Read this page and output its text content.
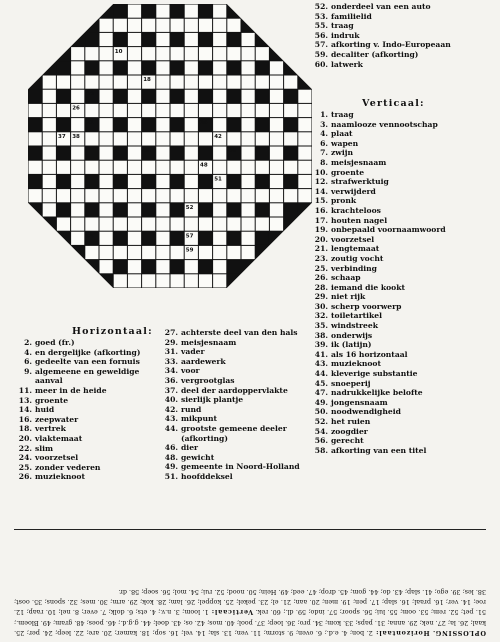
10
18
22
26
31	34
37 38	42
44	46
48
49	51
52
55	57
59
52. onderdeel van een auto
53. familielid
55. traag
56. indruk
57. afkorting v. Indo-Europeaan
59. decaliter (afkorting)
60. latwerk
Verticaal:
1. traag
3. naamlooze vennootschap
4. plaat
6. wapen
7. zwijn
8. meisjesnaam
10. groente
12. strafwerktuig
14. verwijderd
15. pronk
16. krachteloos
17. houten nagel
19. onbepaald voornaamwoord
20. voorzetsel
21. lengtemaat
23. zoutig vocht
25. verbinding
26. schaap
28. iemand die kookt
29. niet rijk
30. scherp voorwerp
32. toiletartikel
35. windstreek
38. onderwijs
39. ik (latijn)
41. als 16 horizontaal
43. muzieknoot
44. kleverige substantie
45. snoeperij
47. nadrukkelijke belofte
49. jongensnaam
50. noodwendigheid
52. het ruien
54. zoogdier
56. gerecht
58. afkorting van een titel
Horizontaal:
2. goed (fr.)
4. en dergelijke (afkorting)
6. gedeelte van een fornuis
9. algemeene en geweldige
aanval
11. meer in de heide
13. groente
14. huid
16. zeepwater
18. vertrek
20. vlaktemaat
22. slim
24. voorzetsel
25. zonder vederen
26. muzieknoot
27. achterste deel van den hals
29. meisjesnaam
31. vader
33. aardewerk
34. voor
36. vergrootglas
37. deel der aardoppervlakte
40. sierlijk plantje
42. rund
43. mikpunt
44. grootste gemeene deeler
(afkorting)
46. dier
48. gewicht
49. gemeente in Noord-Holland
51. hoofddeksel
OPLOSSING. Horizontaal: 2. bon; 4. e.d.; 6. oven; 9. storm; 11. ven; 13. sla; 14. vel; 16. sop; 18. kamer; 20. are; 22. leep; 24. per; 25. kaal; 26. la; 27. nek; 29. anna; 31. paps; 33. kom; 34. pro; 36. loep; 37. pool; 40. mos; 42. os; 43. doel; 44. g.g.d.; 46. poes; 48. gram; 49. Bloem.; 51. pet; 52. rem; 53. oom; 55. lui; 56. spoor; 57. indo; 59. dl.; 60. rek. Verticaal: 1. loom; 3. n.v.; 4. ets; 6. dolk; 7. ever; 8. nel; 10. raap; 12. roe; 14. ver; 16. praal; 16. slap; 17. pen; 19. men; 20. aan; 21. el; 23. pekel; 25. koppel; 26. lam; 28. kok; 29. arm; 30. mes; 32. spons; 35. oost; 38. les; 39. ego; 41. slap; 43. do; 44. gom; 45. drop; 47. eed; 49. Hein; 50. nood; 52. rui; 54. mol; 56. soep; 58. dr.
